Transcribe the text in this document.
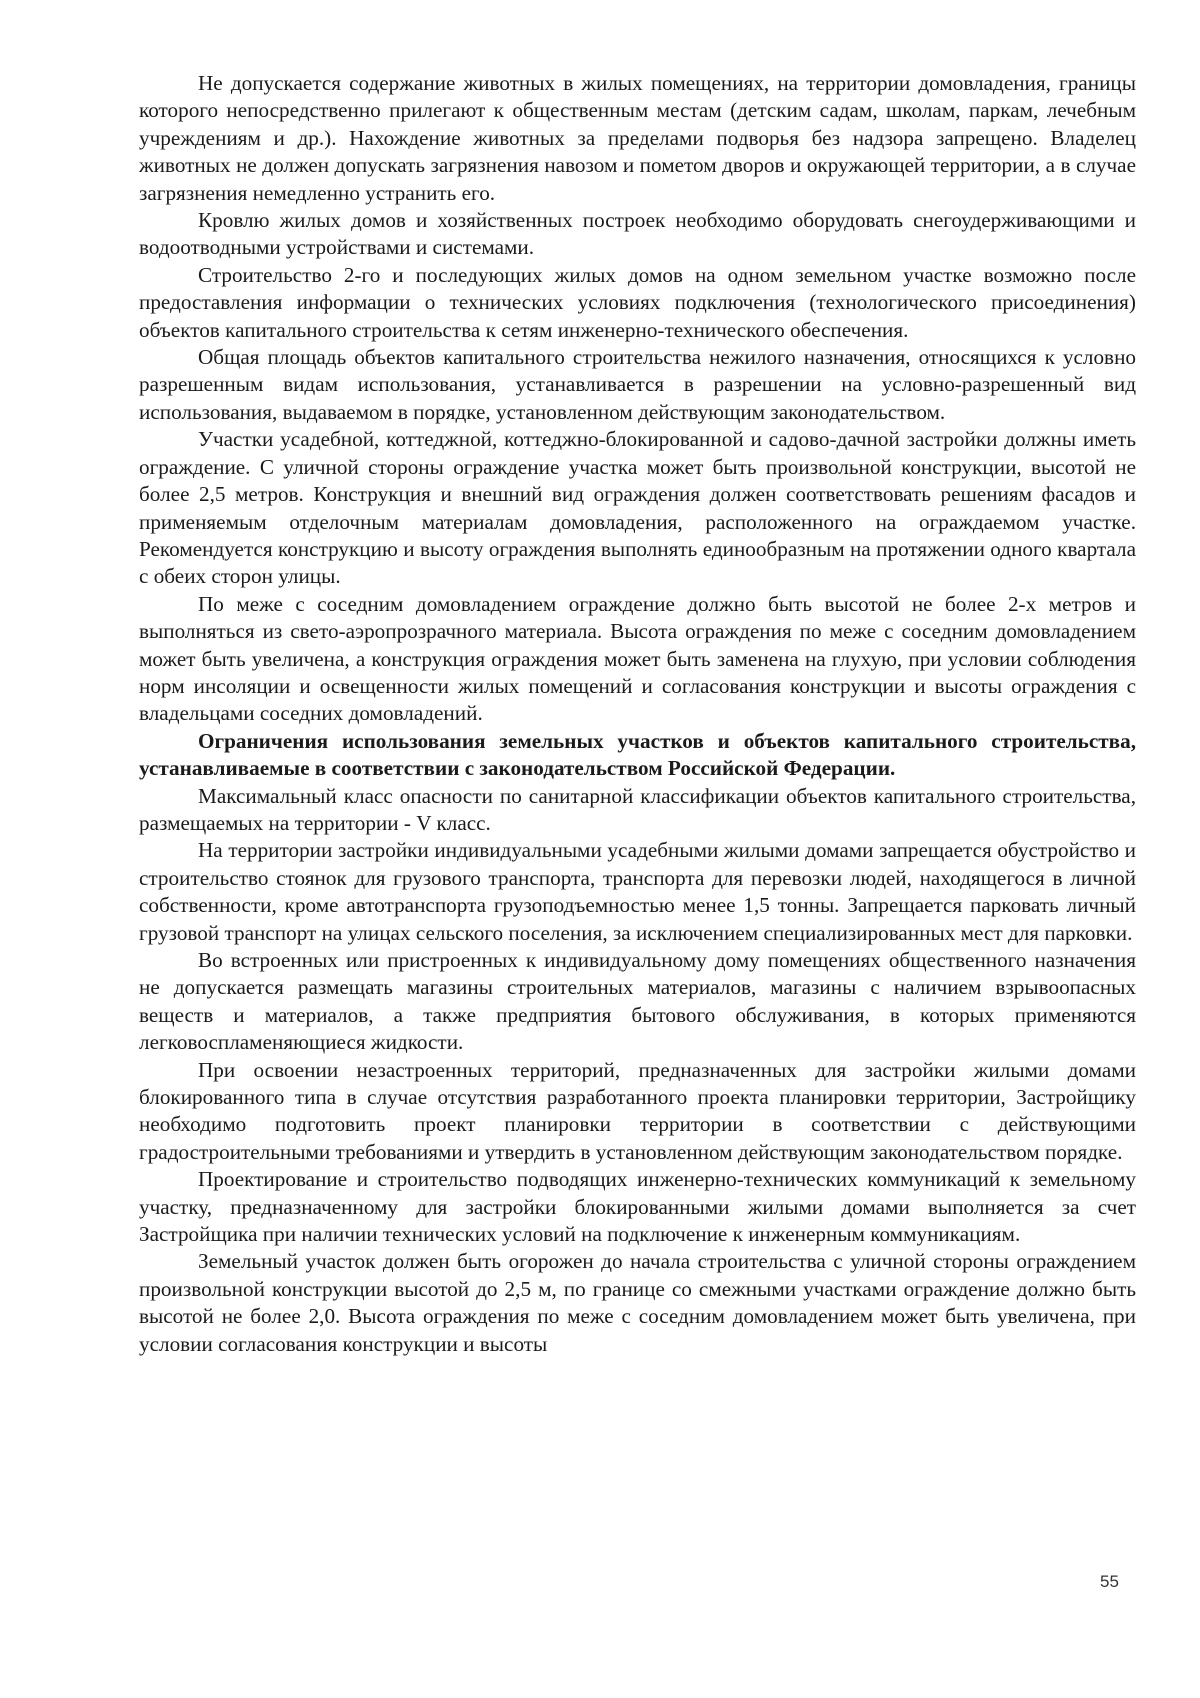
Не допускается содержание животных в жилых помещениях, на территории домовладения, границы которого непосредственно прилегают к общественным местам (детским садам, школам, паркам, лечебным учреждениям и др.). Нахождение животных за пределами подворья без надзора запрещено. Владелец животных не должен допускать загрязнения навозом и пометом дворов и окружающей территории, а в случае загрязнения немедленно устранить его.

Кровлю жилых домов и хозяйственных построек необходимо оборудовать снегоудерживающими и водоотводными устройствами и системами.

Строительство 2-го и последующих жилых домов на одном земельном участке возможно после предоставления информации о технических условиях подключения (технологического присоединения) объектов капитального строительства к сетям инженерно-технического обеспечения.

Общая площадь объектов капитального строительства нежилого назначения, относящихся к условно разрешенным видам использования, устанавливается в разрешении на условно-разрешенный вид использования, выдаваемом в порядке, установленном действующим законодательством.

Участки усадебной, коттеджной, коттеджно-блокированной и садово-дачной застройки должны иметь ограждение. С уличной стороны ограждение участка может быть произвольной конструкции, высотой не более 2,5 метров. Конструкция и внешний вид ограждения должен соответствовать решениям фасадов и применяемым отделочным материалам домовладения, расположенного на ограждаемом участке. Рекомендуется конструкцию и высоту ограждения выполнять единообразным на протяжении одного квартала с обеих сторон улицы.

По меже с соседним домовладением ограждение должно быть высотой не более 2-х метров и выполняться из свето-аэропрозрачного материала. Высота ограждения по меже с соседним домовладением может быть увеличена, а конструкция ограждения может быть заменена на глухую, при условии соблюдения норм инсоляции и освещенности жилых помещений и согласования конструкции и высоты ограждения с владельцами соседних домовладений.

Ограничения использования земельных участков и объектов капитального строительства, устанавливаемые в соответствии с законодательством Российской Федерации.

Максимальный класс опасности по санитарной классификации объектов капитального строительства, размещаемых на территории - V класс.

На территории застройки индивидуальными усадебными жилыми домами запрещается обустройство и строительство стоянок для грузового транспорта, транспорта для перевозки людей, находящегося в личной собственности, кроме автотранспорта грузоподъемностью менее 1,5 тонны. Запрещается парковать личный грузовой транспорт на улицах сельского поселения, за исключением специализированных мест для парковки.

Во встроенных или пристроенных к индивидуальному дому помещениях общественного назначения не допускается размещать магазины строительных материалов, магазины с наличием взрывоопасных веществ и материалов, а также предприятия бытового обслуживания, в которых применяются легковоспламеняющиеся жидкости.

При освоении незастроенных территорий, предназначенных для застройки жилыми домами блокированного типа в случае отсутствия разработанного проекта планировки территории, Застройщику необходимо подготовить проект планировки территории в соответствии с действующими градостроительными требованиями и утвердить в установленном действующим законодательством порядке.

Проектирование и строительство подводящих инженерно-технических коммуникаций к земельному участку, предназначенному для застройки блокированными жилыми домами выполняется за счет Застройщика при наличии технических условий на подключение к инженерным коммуникациям.

Земельный участок должен быть огорожен до начала строительства с уличной стороны ограждением произвольной конструкции высотой до 2,5 м, по границе со смежными участками ограждение должно быть высотой не более 2,0. Высота ограждения по меже с соседним домовладением может быть увеличена, при условии согласования конструкции и высоты

55
